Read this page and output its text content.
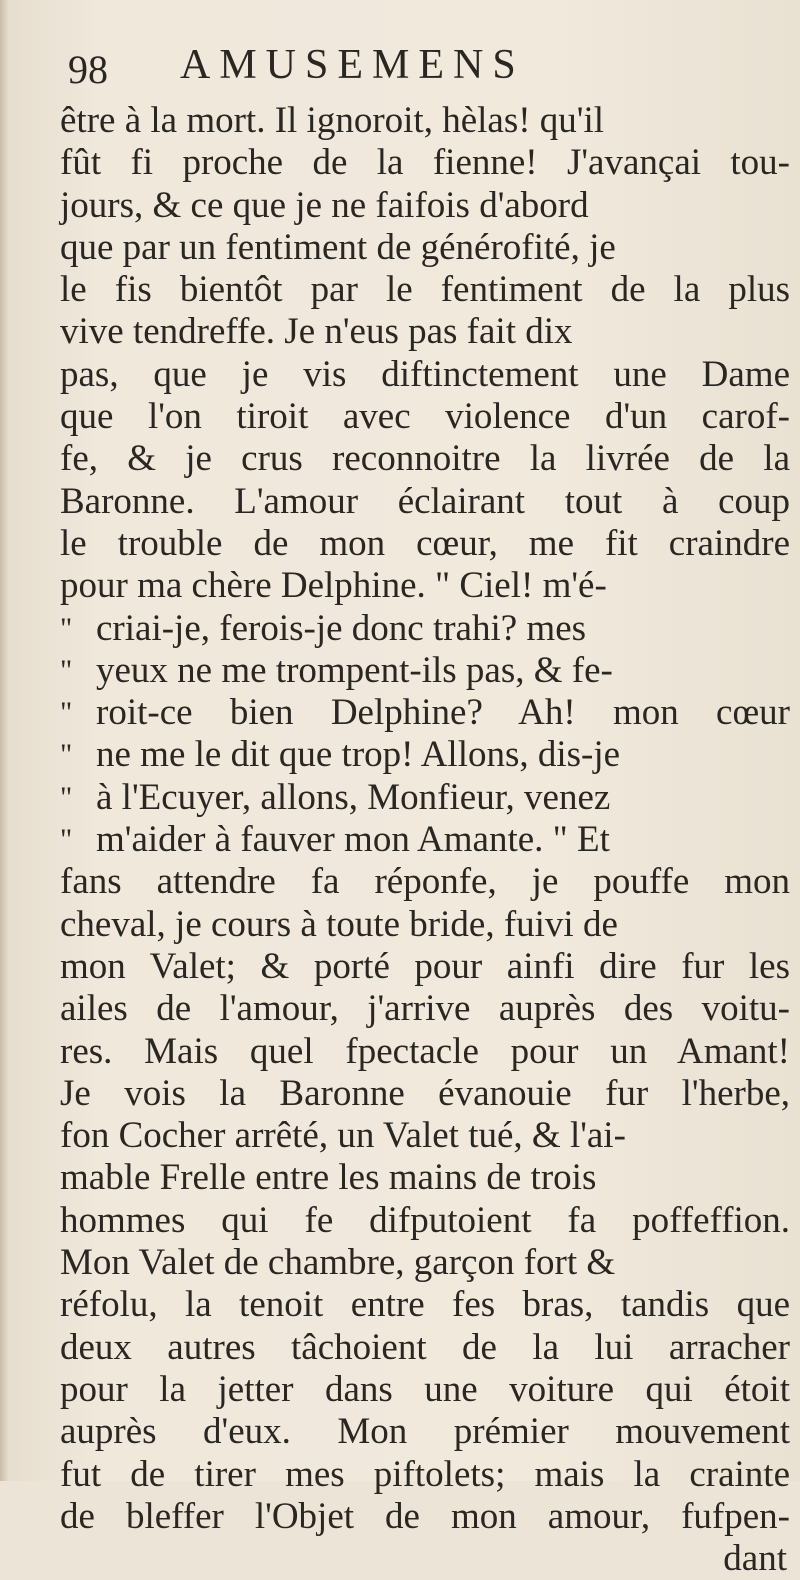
98 AMUSEMENS
être à la mort. Il ignoroit, hèlas! qu'il
fût fi proche de la fienne! J'avançai tou-
jours, & ce que je ne faifois d'abord
que par un fentiment de générofité, je
le fis bientôt par le fentiment de la plus
vive tendreffe. Je n'eus pas fait dix
pas, que je vis diftinctement une Dame
que l'on tiroit avec violence d'un carof-
fe, & je crus reconnoitre la livrée de la
Baronne. L'amour éclairant tout à coup
le trouble de mon cœur, me fit craindre
pour ma chère Delphine. " Ciel! m'é-
" criai-je, ferois-je donc trahi? mes
" yeux ne me trompent-ils pas, & fe-
" roit-ce bien Delphine? Ah! mon cœur
" ne me le dit que trop! Allons, dis-je
" à l'Ecuyer, allons, Monfieur, venez
" m'aider à fauver mon Amante. " Et
fans attendre fa réponfe, je pouffe mon
cheval, je cours à toute bride, fuivi de
mon Valet; & porté pour ainfi dire fur les
ailes de l'amour, j'arrive auprès des voitu-
res. Mais quel fpectacle pour un Amant!
Je vois la Baronne évanouie fur l'herbe,
fon Cocher arrêté, un Valet tué, & l'ai-
mable Frelle entre les mains de trois
hommes qui fe difputoient fa poffeffion.
Mon Valet de chambre, garçon fort &
réfolu, la tenoit entre fes bras, tandis que
deux autres tâchoient de la lui arracher
pour la jetter dans une voiture qui étoit
auprès d'eux. Mon prémier mouvement
fut de tirer mes piftolets; mais la crainte
de bleffer l'Objet de mon amour, fufpen-
dant
